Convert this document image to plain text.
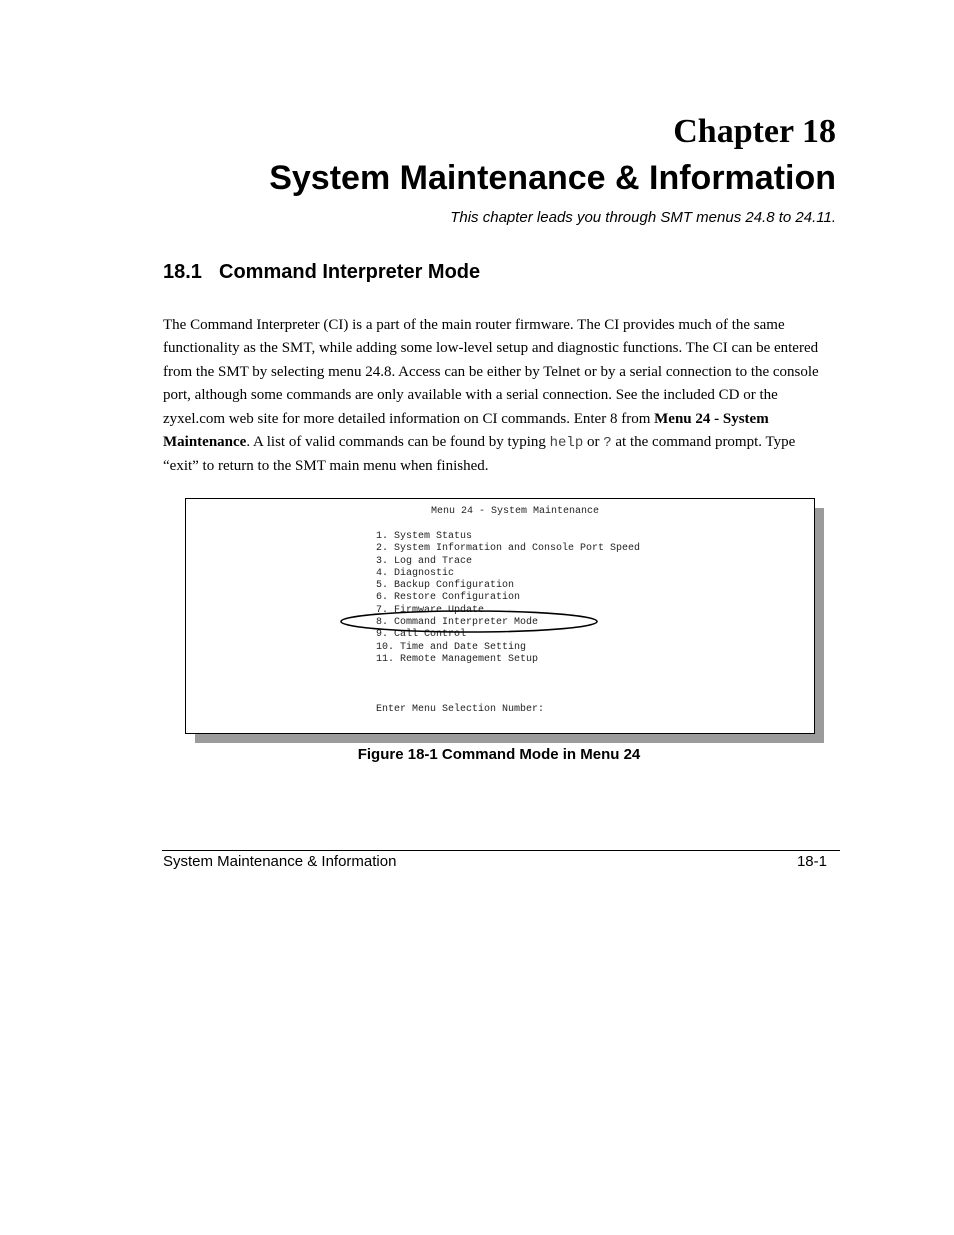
Chapter 18
System Maintenance & Information

This chapter leads you through SMT menus 24.8 to 24.11.

18.1 Command Interpreter Mode

The Command Interpreter (CI) is a part of the main router firmware. The CI provides much of the same functionality as the SMT, while adding some low-level setup and diagnostic functions. The CI can be entered from the SMT by selecting menu 24.8. Access can be either by Telnet or by a serial connection to the console port, although some commands are only available with a serial connection. See the included CD or the zyxel.com web site for more detailed information on CI commands. Enter 8 from Menu 24 - System Maintenance. A list of valid commands can be found by typing help or ? at the command prompt. Type “exit” to return to the SMT main menu when finished.

Menu 24 - System Maintenance
1. System Status
2. System Information and Console Port Speed
3. Log and Trace
4. Diagnostic
5. Backup Configuration
6. Restore Configuration
7. Firmware Update
8. Command Interpreter Mode
9. Call Control
10. Time and Date Setting
11. Remote Management Setup
Enter Menu Selection Number:

Figure 18-1 Command Mode in Menu 24

System Maintenance & Information	18-1
